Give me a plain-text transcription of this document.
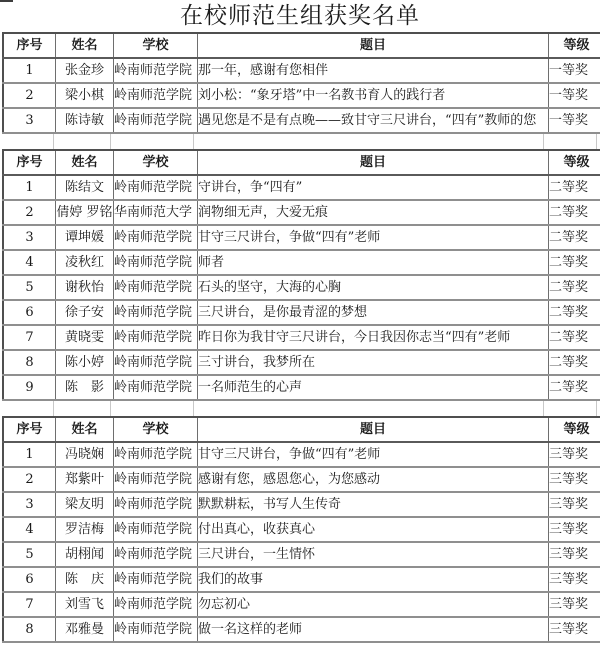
在校师范生组获奖名单
序号	姓名	学校	题目	等级
1	张金珍	岭南师范学院	那一年，感谢有您相伴	一等奖
2	梁小棋	岭南师范学院	刘小松：“象牙塔”中一名教书育人的践行者	一等奖
3	陈诗敏	岭南师范学院	遇见您是不是有点晚——致甘守三尺讲台，“四有”教师的您	一等奖
序号	姓名	学校	题目	等级
1	陈结文	岭南师范学院	守讲台，争“四有”	二等奖
2	倩婷 罗铭	华南师范大学	润物细无声，大爱无痕	二等奖
3	谭坤媛	岭南师范学院	甘守三尺讲台，争做“四有”老师	二等奖
4	凌秋红	岭南师范学院	师者	二等奖
5	谢秋怡	岭南师范学院	石头的坚守，大海的心胸	二等奖
6	徐子安	岭南师范学院	三尺讲台，是你最青涩的梦想	二等奖
7	黄晓雯	岭南师范学院	昨日你为我甘守三尺讲台，今日我因你志当“四有”老师	二等奖
8	陈小婷	岭南师范学院	三寸讲台，我梦所在	二等奖
9	陈　影	岭南师范学院	一名师范生的心声	二等奖
序号	姓名	学校	题目	等级
1	冯晓娴	岭南师范学院	甘守三尺讲台，争做“四有”老师	三等奖
2	郑紫叶	岭南师范学院	感谢有您，感恩您心，为您感动	三等奖
3	梁友明	岭南师范学院	默默耕耘，书写人生传奇	三等奖
4	罗洁梅	岭南师范学院	付出真心，收获真心	三等奖
5	胡栩闻	岭南师范学院	三尺讲台，一生情怀	三等奖
6	陈　庆	岭南师范学院	我们的故事	三等奖
7	刘雪飞	岭南师范学院	勿忘初心	三等奖
8	邓雅曼	岭南师范学院	做一名这样的老师	三等奖
